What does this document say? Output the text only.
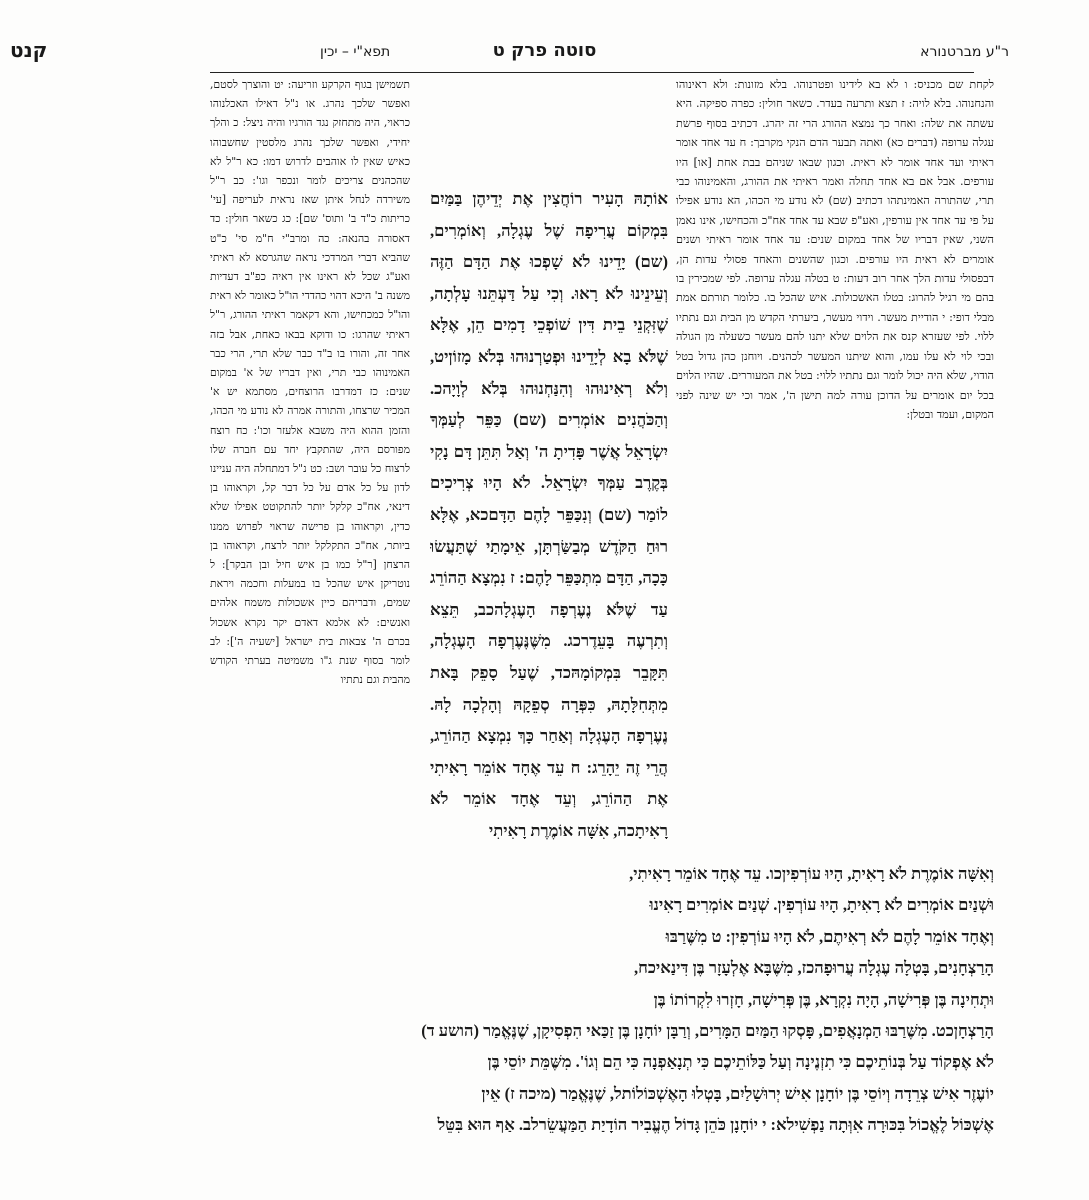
ר"ע מברטנורא
סוטה פרק ט
תפא"י – יכין
קנט

לקחת שם מכניס: ו לא בא לידינו ופטרנוהו. בלא מזונות: ולא ראינוהו והנחנוהו. בלא לויה: ז תצא ותרעה בעדר. כשאר חולין: כפרה ספיקה. היא עשתה את שלה: ואחר כך נמצא ההורג הרי זה יהרג. דכתיב בסוף פרשת עגלה ערופה (דברים כא) ואתה תבער הדם הנקי מקרבך: ח עד אחד אומר ראיתי ועד אחד אומר לא ראית. וכגון שבאו שניהם בבת אחת [או] היו עורפים. אבל אם בא אחד תחלה ואמר ראיתי את ההורג, והאמינוהו כבי תרי, שהתורה האמינתהו דכתיב (שם) לא נודע מי הכהו, הא נודע אפילו על פי עד אחד אין עורפין, ואע"פ שבא עד אחד אח"כ והכחישו, אינו נאמן השני, שאין דבריו של אחד במקום שנים: עד אחד אומר ראיתי ושנים אומרים לא ראית היו עורפים. וכגון שהשנים והאחד פסולי עדות הן, דבפסולי עדות הלך אחר רוב דעות: ט בטלה עגלה ערופה. לפי שמכירין בו בהם מי רגיל להרוג: בטלו האשכולות. איש שהכל בו. כלומר תורתם אמת מבלי דופי: י הודיית מעשר. וידוי מעשר, ביערתי הקדש מן הבית וגם נתתיו ללוי. לפי שעזרא קנס את הלוים שלא יתנו להם מעשר כשעלה מן הגולה ובכי לוי לא עלו עמו, והוא שיתנו המעשר לכהנים. ויוחנן כהן גדול בטל הודוי, שלא היה יכול לומר וגם נתתיו ללוי: בטל את המעוררים. שהיו הלוים בכל יום אומרים על הדוכן עורה למה תישן ה', אמר וכי יש שינה לפני המקום, ועמד ובטלן:

אוֹתָהּ הָעִיר רוֹחֲצִין אֶת יְדֵיהֶן בַּמַּיִם בִּמְקוֹם עֲרִיפָה שֶׁל עֶגְלָה, וְאוֹמְרִים, (שם) יָדֵינוּ לֹא שָׁפְכוּ אֶת הַדָּם הַזֶּה וְעֵינֵינוּ לֹא רָאוּ. וְכִי עַל דַּעְתֵּנוּ עָלְתָה, שֶׁזִּקְנֵי בֵית דִּין שׁוֹפְכֵי דָמִים הֵן, אֶלָּא שֶׁלֹּא בָא לְיָדֵינוּ וּפְטַרְנוּהוּ בְּלֹא מָזוֹןיט, וְלֹא רְאִינוּהוּ וְהִנַּחְנוּהוּ בְּלֹא לְוָיָהכ. וְהַכֹּהֲנִים אוֹמְרִים (שם) כַּפֵּר לְעַמְּךָ יִשְׂרָאֵל אֲשֶׁר פָּדִיתָ ה' וְאַל תִּתֵּן דָּם נָקִי בְּקֶרֶב עַמְּךָ יִשְׂרָאֵל. לֹא הָיוּ צְרִיכִים לוֹמַר (שם) וְנִכַּפֵּר לָהֶם הַדָּםכא, אֶלָּא רוּחַ הַקֹּדֶשׁ מְבַשַּׂרְתָּן, אֵימָתַי שֶׁתַּעֲשׂוּ כָּכָה, הַדָּם מִתְכַּפֵּר לָהֶם: ז נִמְצָא הַהוֹרֵג עַד שֶׁלֹּא נֶעֶרְפָה הָעֶגְלָהכב, תֵּצֵא וְתִרְעֶה בָּעֵדֶרכג. מִשֶּׁנֶּעֶרְפָה הָעֶגְלָה, תִּקָּבֵר בִּמְקוֹמָהּכד, שֶׁעַל סָפֵק בָּאת מִתְּחִלָּתָהּ, כִּפְּרָה סְפֵקָהּ וְהָלְכָה לָהּ. נֶעֶרְפָה הָעֶגְלָה וְאַחַר כָּךְ נִמְצָא הַהוֹרֵג, הֲרֵי זֶה יֵהָרֵג: ח עֵד אֶחָד אוֹמֵר רָאִיתִי אֶת הַהוֹרֵג, וְעֵד אֶחָד אוֹמֵר לֹא רָאִיתָכה, אִשָּׁה אוֹמֶרֶת רָאִיתִי

תשמישן בגוף הקרקע וזריעה: יט והוצרך לסטם, ואפשר שלכך נהרג. או נ"ל דאילו האכלנוהו כראוי, היה מתחזק נגד הורגיו והיה ניצל: כ והלך יחידי, ואפשר שלכך נהרג מלסטין שחשבוהו כאיש שאין לו אוהבים לדרוש דמו: כא ר"ל לא שהכהנים צריכים לומר ונכפר וגו': כב ר"ל משירדה לנחל איתן שאז נראית לעריפה [עי' כריתות כ"ד ב' ותוס' שם]: כג כשאר חולין: כד דאסורה בהנאה: כה ומרב"י ח"מ סי' כ"ט שהביא דברי המרדכי נראה שהגרסא לא ראיתי ואע"ג שכל לא ראינו אין ראיה כפ"ב דעדיות משנה ב' היכא דהוי כהדדי הו"ל כאומר לא ראית והו"ל כמכחישו, והא דקאמר ראיתי ההורג, ר"ל ראיתי שהרגו: כו ודוקא בבאו כאחת, אבל בזה אחר זה, והורו בו ב"ד כבר שלא תרי, הרי כבר האמינוהו כבי תרי, ואין דבריו של א' במקום שנים: כז דמדרבו הרוצחים, מסתמא יש א' המכיר שרצחו, והתורה אמרה לא נודע מי הכהו, והזמן ההוא היה משבא אלעזר וכו': כח רוצח מפורסם היה, שהתקבץ יחד עם חברה שלו לרצוח כל עובר ושב: כט נ"ל דמתחלה היה עניינו לדון על כל אדם על כל דבר קל, וקראוהו בן דינאי, אח"כ קלקל יותר להתקוטט אפילו שלא כדין, וקראוהו בן פרישה שראוי לפרוש ממנו ביותר, אח"כ התקלקל יותר לרצח, וקראוהו בן הרצחן [ר"ל כמו בן איש חיל ובן הבקר]: ל נוטריקן איש שהכל בו במעלות וחכמה ויראת שמים, ודבריהם כיין אשכולות משמח אלהים ואנשים: לא אלמא דאדם יקר נקרא אשכול בכרם ה' צבאות בית ישראל [ישעיה ה']: לב לומר בסוף שנת ג"ו משמיטה בערתי הקודש מהבית וגם נתתיו

וְאִשָּׁה אוֹמֶרֶת לֹא רָאִיתָ, הָיוּ עוֹרְפִיןכו. עֵד אֶחָד אוֹמֵר רָאִיתִי,

וּשְׁנַיִם אוֹמְרִים לֹא רָאִיתָ, הָיוּ עוֹרְפִין. שְׁנַיִם אוֹמְרִים רָאִינוּ

וְאֶחָד אוֹמֵר לָהֶם לֹא רְאִיתֶם, לֹא הָיוּ עוֹרְפִין: ט מִשֶּׁרַבּוּ

הָרַצְחָנִים, בָּטְלָה עֶגְלָה עֲרוּפָהכז, מִשֶּׁבָּא אֶלְעָזָר בֶּן דִּינַאיכח,

וּתְחִינָה בֶּן פְּרִישָׁה, הָיָה נִקְרָא, בֶּן פְּרִישָׁה, חָזְרוּ לִקְרוֹתוֹ בֶּן

הָרַצְחָןכט. מִשֶּׁרַבּוּ הַמְנָאֲפִים, פָּסְקוּ הַמַּיִם הַמָּרִים, וְרַבָּן יוֹחָנָן בֶּן זַכַּאי הִפְסִיקָן, שֶׁנֶּאֱמַר (הושע ד)

לֹא אֶפְקוֹד עַל בְּנוֹתֵיכֶם כִּי תִזְנֶינָה וְעַל כַּלּוֹתֵיכֶם כִּי תְנָאַפְנָה כִּי הֵם וְגוֹ'. מִשֶּׁמֵּת יוֹסֵי בֶּן

יוֹעֶזֶר אִישׁ צְרֵדָה וְיוֹסֵי בֶּן יוֹחָנָן אִישׁ יְרוּשָׁלַיִם, בָּטְלוּ הָאֶשְׁכּוֹלוֹתל, שֶׁנֶּאֱמַר (מיכה ז) אֵין

אֶשְׁכּוֹל לֶאֱכוֹל בִּכּוּרָה אִוְּתָה נַפְשִׁילא: י יוֹחָנָן כֹּהֵן גָּדוֹל הֶעֱבִיר הוֹדָיַת הַמַּעֲשֵׂרלב. אַף הוּא בִּטֵּל
